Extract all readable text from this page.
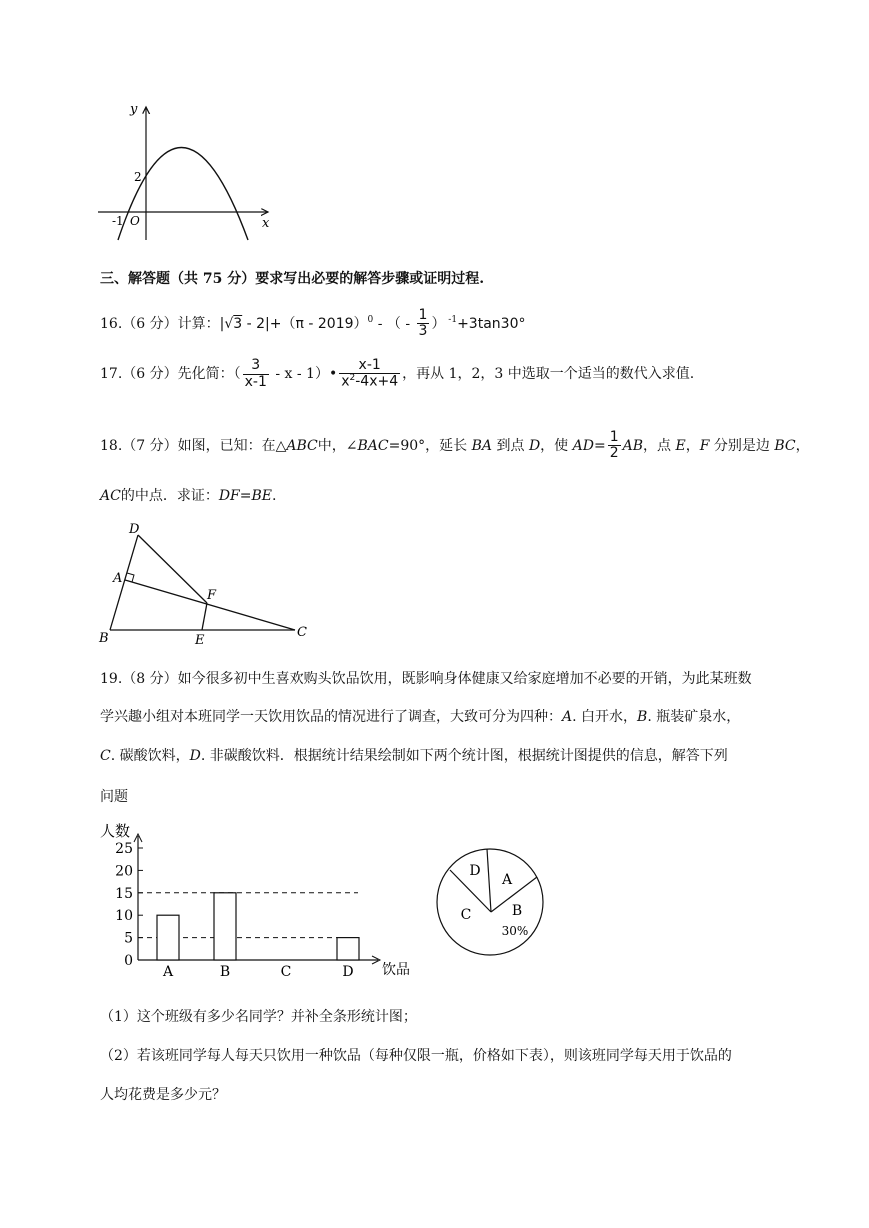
y
x
2
-1 O
三、解答题（共 75 分）要求写出必要的解答步骤或证明过程.
16.（6 分）计算：|√3 - 2|+（π - 2019）$^0$ - （ - $\frac{1}{3}$ ） $^{-1}$+3tan30°
17.（6 分）先化简：（ $\frac{3}{x-1}$ - x - 1）• $\frac{x-1}{x^2-4x+4}$ ，再从 1，2，3 中选取一个适当的数代入求值.
18.（7 分）如图，已知：在△ABC中，∠BAC=90°，延长 BA 到点 D，使 $AD= \frac{1}{2}$ AB，点 E，F 分别是边 BC，
AC的中点．求证：DF=BE.
D
A
F
B	E
C
19.（8 分）如今很多初中生喜欢购头饮品饮用，既影响身体健康又给家庭增加不必要的开销，为此某班数
学兴趣小组对本班同学一天饮用饮品的情况进行了调查，大致可分为四种：A. 白开水，B. 瓶装矿泉水，
C. 碳酸饮料，D. 非碳酸饮料．根据统计结果绘制如下两个统计图，根据统计图提供的信息，解答下列
问题
人数
饮品
25
20
15
10
5
0
A	B	C	D
A
B
C
D
30%
（1）这个班级有多少名同学？并补全条形统计图；
（2）若该班同学每人每天只饮用一种饮品（每种仅限一瓶，价格如下表），则该班同学每天用于饮品的
人均花费是多少元？
